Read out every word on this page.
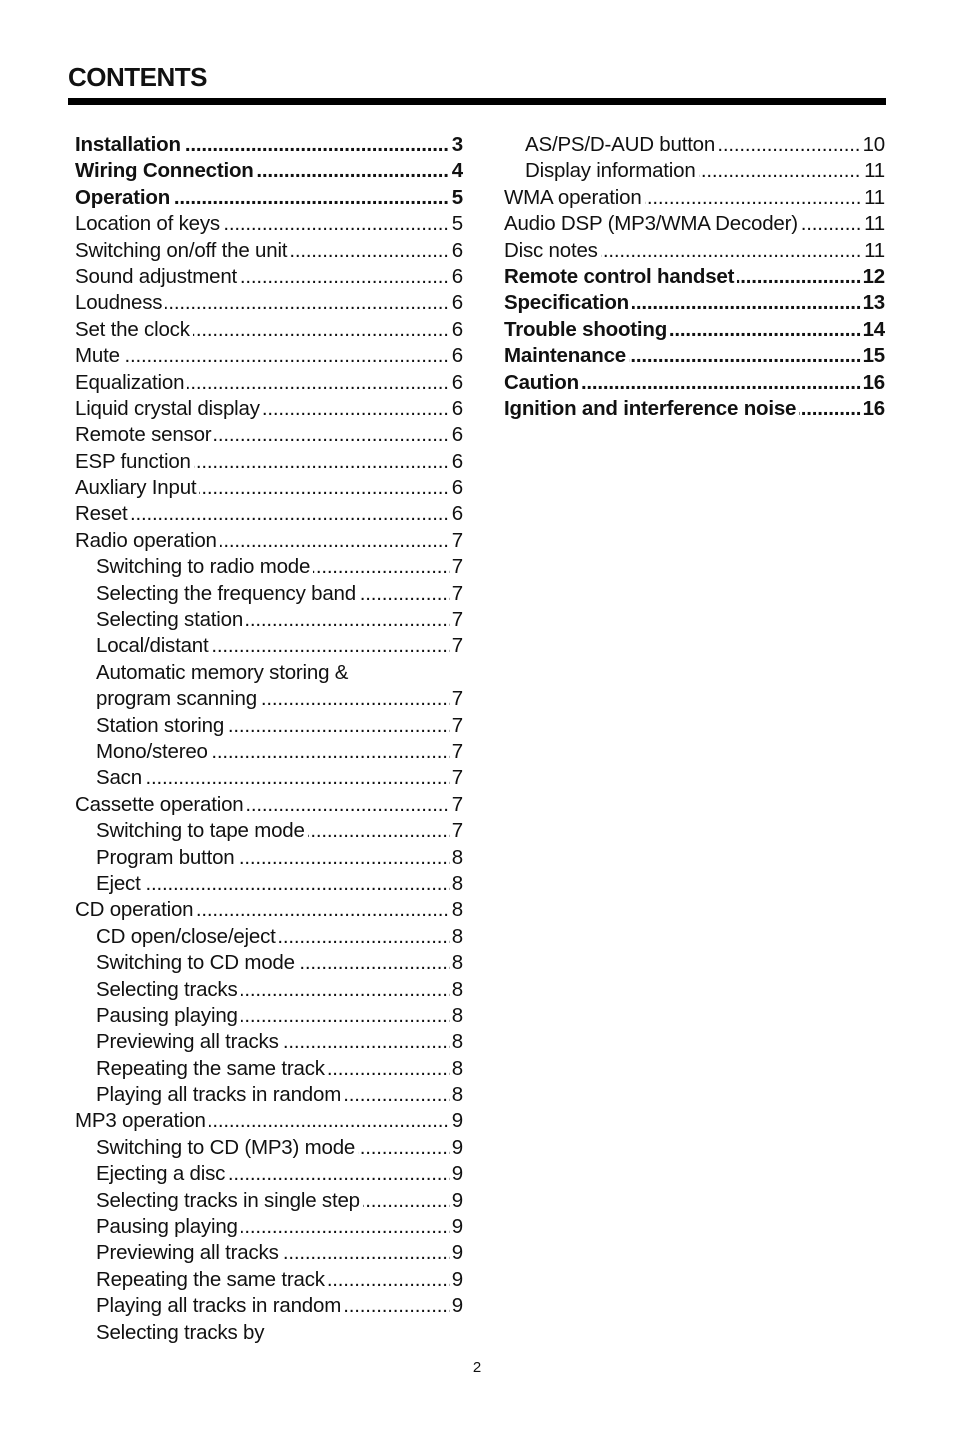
CONTENTS
.....
Installation	3
.....
Wiring Connection	4
.....
Operation	5
.....
Location of keys	5
.....
Switching on/off the unit	6
.....
Sound adjustment	6
.....
Loudness	6
.....
Set the clock	6
.....
Mute	6
.....
Equalization	6
.....
Liquid crystal display	6
.....
Remote sensor	6
.....
ESP function	6
.....
Auxliary Input	6
.....
Reset	6
.....
Radio operation	7
.....
Switching to radio mode	7
.....
Selecting the frequency band	7
.....
Selecting station	7
.....
Local/distant	7
Automatic memory storing &
.....
program scanning	7
.....
Station storing	7
.....
Mono/stereo	7
.....
Sacn	7
.....
Cassette operation	7
.....
Switching to tape mode	7
.....
Program button	8
.....
Eject	8
.....
CD operation	8
.....
CD open/close/eject	8
.....
Switching to CD mode	8
.....
Selecting tracks	8
.....
Pausing playing	8
.....
Previewing all tracks	8
.....
Repeating the same track	8
.....
Playing all tracks in random	8
.....
MP3 operation	9
.....
Switching to CD (MP3) mode	9
.....
Ejecting a disc	9
.....
Selecting tracks in single step	9
.....
Pausing playing	9
.....
Previewing all tracks	9
.....
Repeating the same track	9
.....
Playing all tracks in random	9
Selecting tracks by
.....
AS/PS/D-AUD button	10
.....
Display information	11
.....
WMA operation	11
.....
Audio DSP (MP3/WMA Decoder)	11
.....
Disc notes	11
.....
Remote control handset	12
.....
Specification	13
.....
Trouble shooting	14
.....
Maintenance	15
.....
Caution	16
.....
Ignition and interference noise	16
2
